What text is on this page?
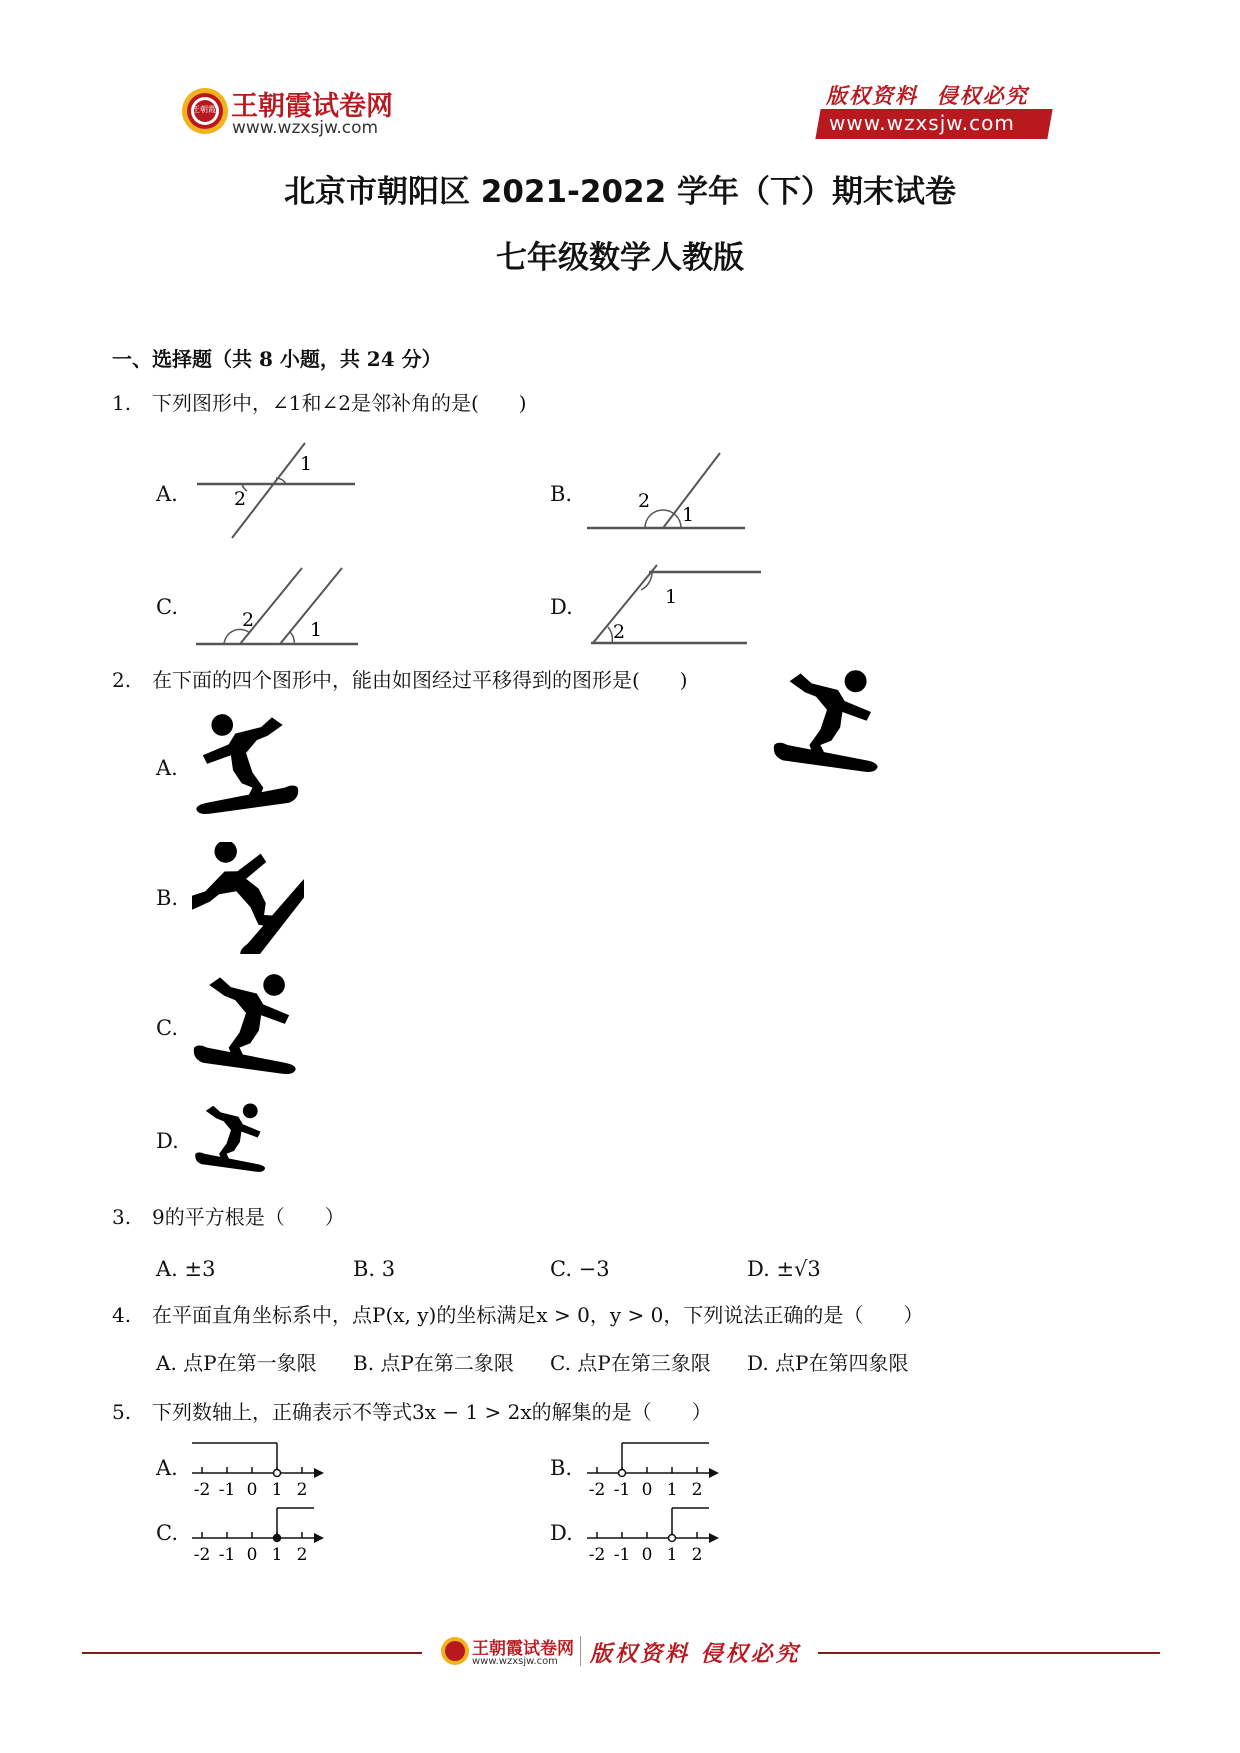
王朝霞 王朝霞试卷网
www.wzxsjw.com
版权资料  侵权必究
www.wzxsjw.com
北京市朝阳区 2021-2022 学年（下）期末试卷
七年级数学人教版
一、选择题（共 8 小题，共 24 分）
1. 下列图形中，∠1和∠2是邻补角的是(　　)
A.
1
2	B.	2
1
C.
2	1
D.
2
1
2. 在下面的四个图形中，能由如图经过平移得到的图形是(　　)
A.
B.
C.
D.
3. 9的平方根是（　　）
A. ±3	B. 3	C. −3	D. ±√3
4. 在平面直角坐标系中，点P(x, y)的坐标满足x > 0，y > 0，下列说法正确的是（　　）
A. 点P在第一象限 B. 点P在第二象限 C. 点P在第三象限 D. 点P在第四象限
5. 下列数轴上，正确表示不等式3x − 1 > 2x的解集的是（　　）
A.
-2 -1 0 1 2
B.
-2 -1 0 1 2
C.
-2 -1 0 1 2
D.
-2 -1 0 1 2
王朝霞试卷网
www.wzxsjw.com 版权资料 侵权必究
